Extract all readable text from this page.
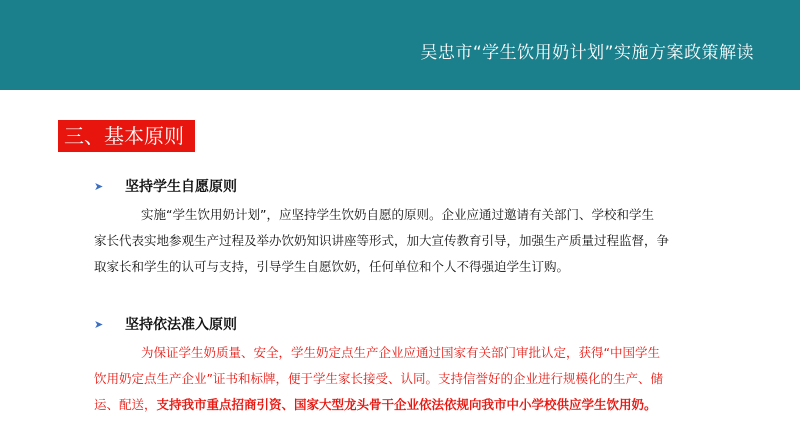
吴忠市“学生饮用奶计划”实施方案政策解读
三、基本原则
➤ 坚持学生自愿原则
实施“学生饮用奶计划”，应坚持学生饮奶自愿的原则。企业应通过邀请有关部门、学校和学生
家长代表实地参观生产过程及举办饮奶知识讲座等形式，加大宣传教育引导，加强生产质量过程监督，争
取家长和学生的认可与支持，引导学生自愿饮奶，任何单位和个人不得强迫学生订购。
➤ 坚持依法准入原则
为保证学生奶质量、安全，学生奶定点生产企业应通过国家有关部门审批认定，获得“中国学生
饮用奶定点生产企业”证书和标牌，便于学生家长接受、认同。支持信誉好的企业进行规模化的生产、储
运、配送，支持我市重点招商引资、国家大型龙头骨干企业依法依规向我市中小学校供应学生饮用奶。
